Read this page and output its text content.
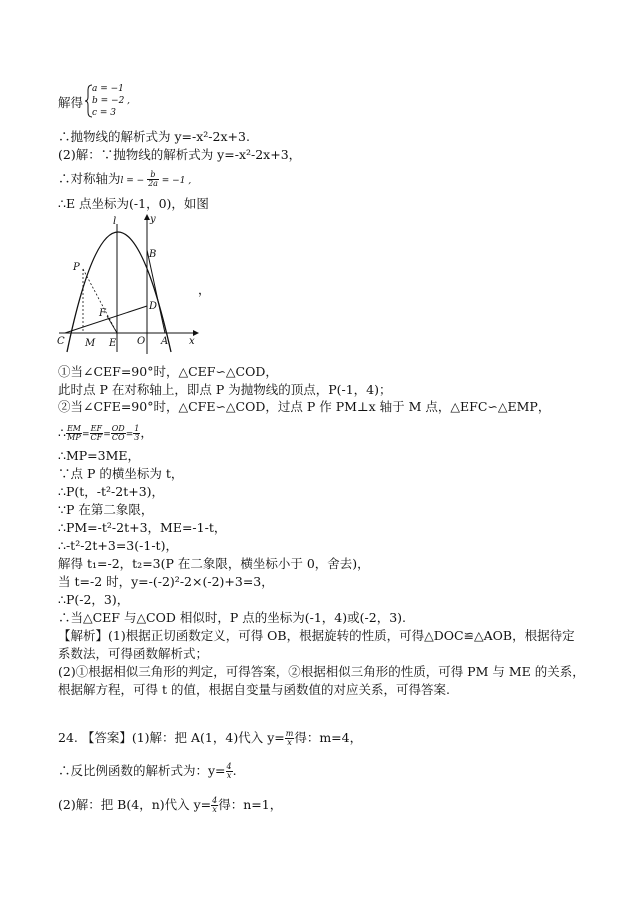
解得
a = −1
b = −2 ,
c = 3
∴抛物线的解析式为 y=-x²-2x+3.
(2)解：∵抛物线的解析式为 y=-x²-2x+3，
∴对称轴为l = − $\frac{b}{2a} = -1$ ,
∴E 点坐标为(-1，0)，如图
l	y
x
P
B
D
F
C M E O A
，
①当∠CEF=90°时，△CEF∽△COD，
此时点 P 在对称轴上，即点 P 为抛物线的顶点，P(-1，4)；
②当∠CFE=90°时，△CFE∽△COD，过点 P 作 PM⊥x 轴于 M 点，△EFC∽△EMP，
∴ $\frac{EM}{MP} = \frac{EF}{CF} = \frac{OD}{CO} = \frac{1}{3}$ ，
∴MP=3ME，
∵点 P 的横坐标为 t，
∴P(t，-t²-2t+3)，
∵P 在第二象限，
∴PM=-t²-2t+3，ME=-1-t，
∴-t²-2t+3=3(-1-t)，
解得 t₁=-2，t₂=3(P 在二象限，横坐标小于 0，舍去)，
当 t=-2 时，y=-(-2)²-2×(-2)+3=3，
∴P(-2，3)，
∴当△CEF 与△COD 相似时，P 点的坐标为(-1，4)或(-2，3).
【解析】(1)根据正切函数定义，可得 OB，根据旋转的性质，可得△DOC≌△AOB，根据待定
系数法，可得函数解析式；
(2)①根据相似三角形的判定，可得答案，②根据相似三角形的性质，可得 PM 与 ME 的关系，
根据解方程，可得 t 的值，根据自变量与函数值的对应关系，可得答案.
24. 【答案】(1)解：把 A(1，4)代入 $y= \frac{m}{x}$ 得：m=4，
∴反比例函数的解析式为：$y= \frac{4}{x}$ .
(2)解：把 B(4，n)代入 $y= \frac{4}{x}$ 得：n=1，
